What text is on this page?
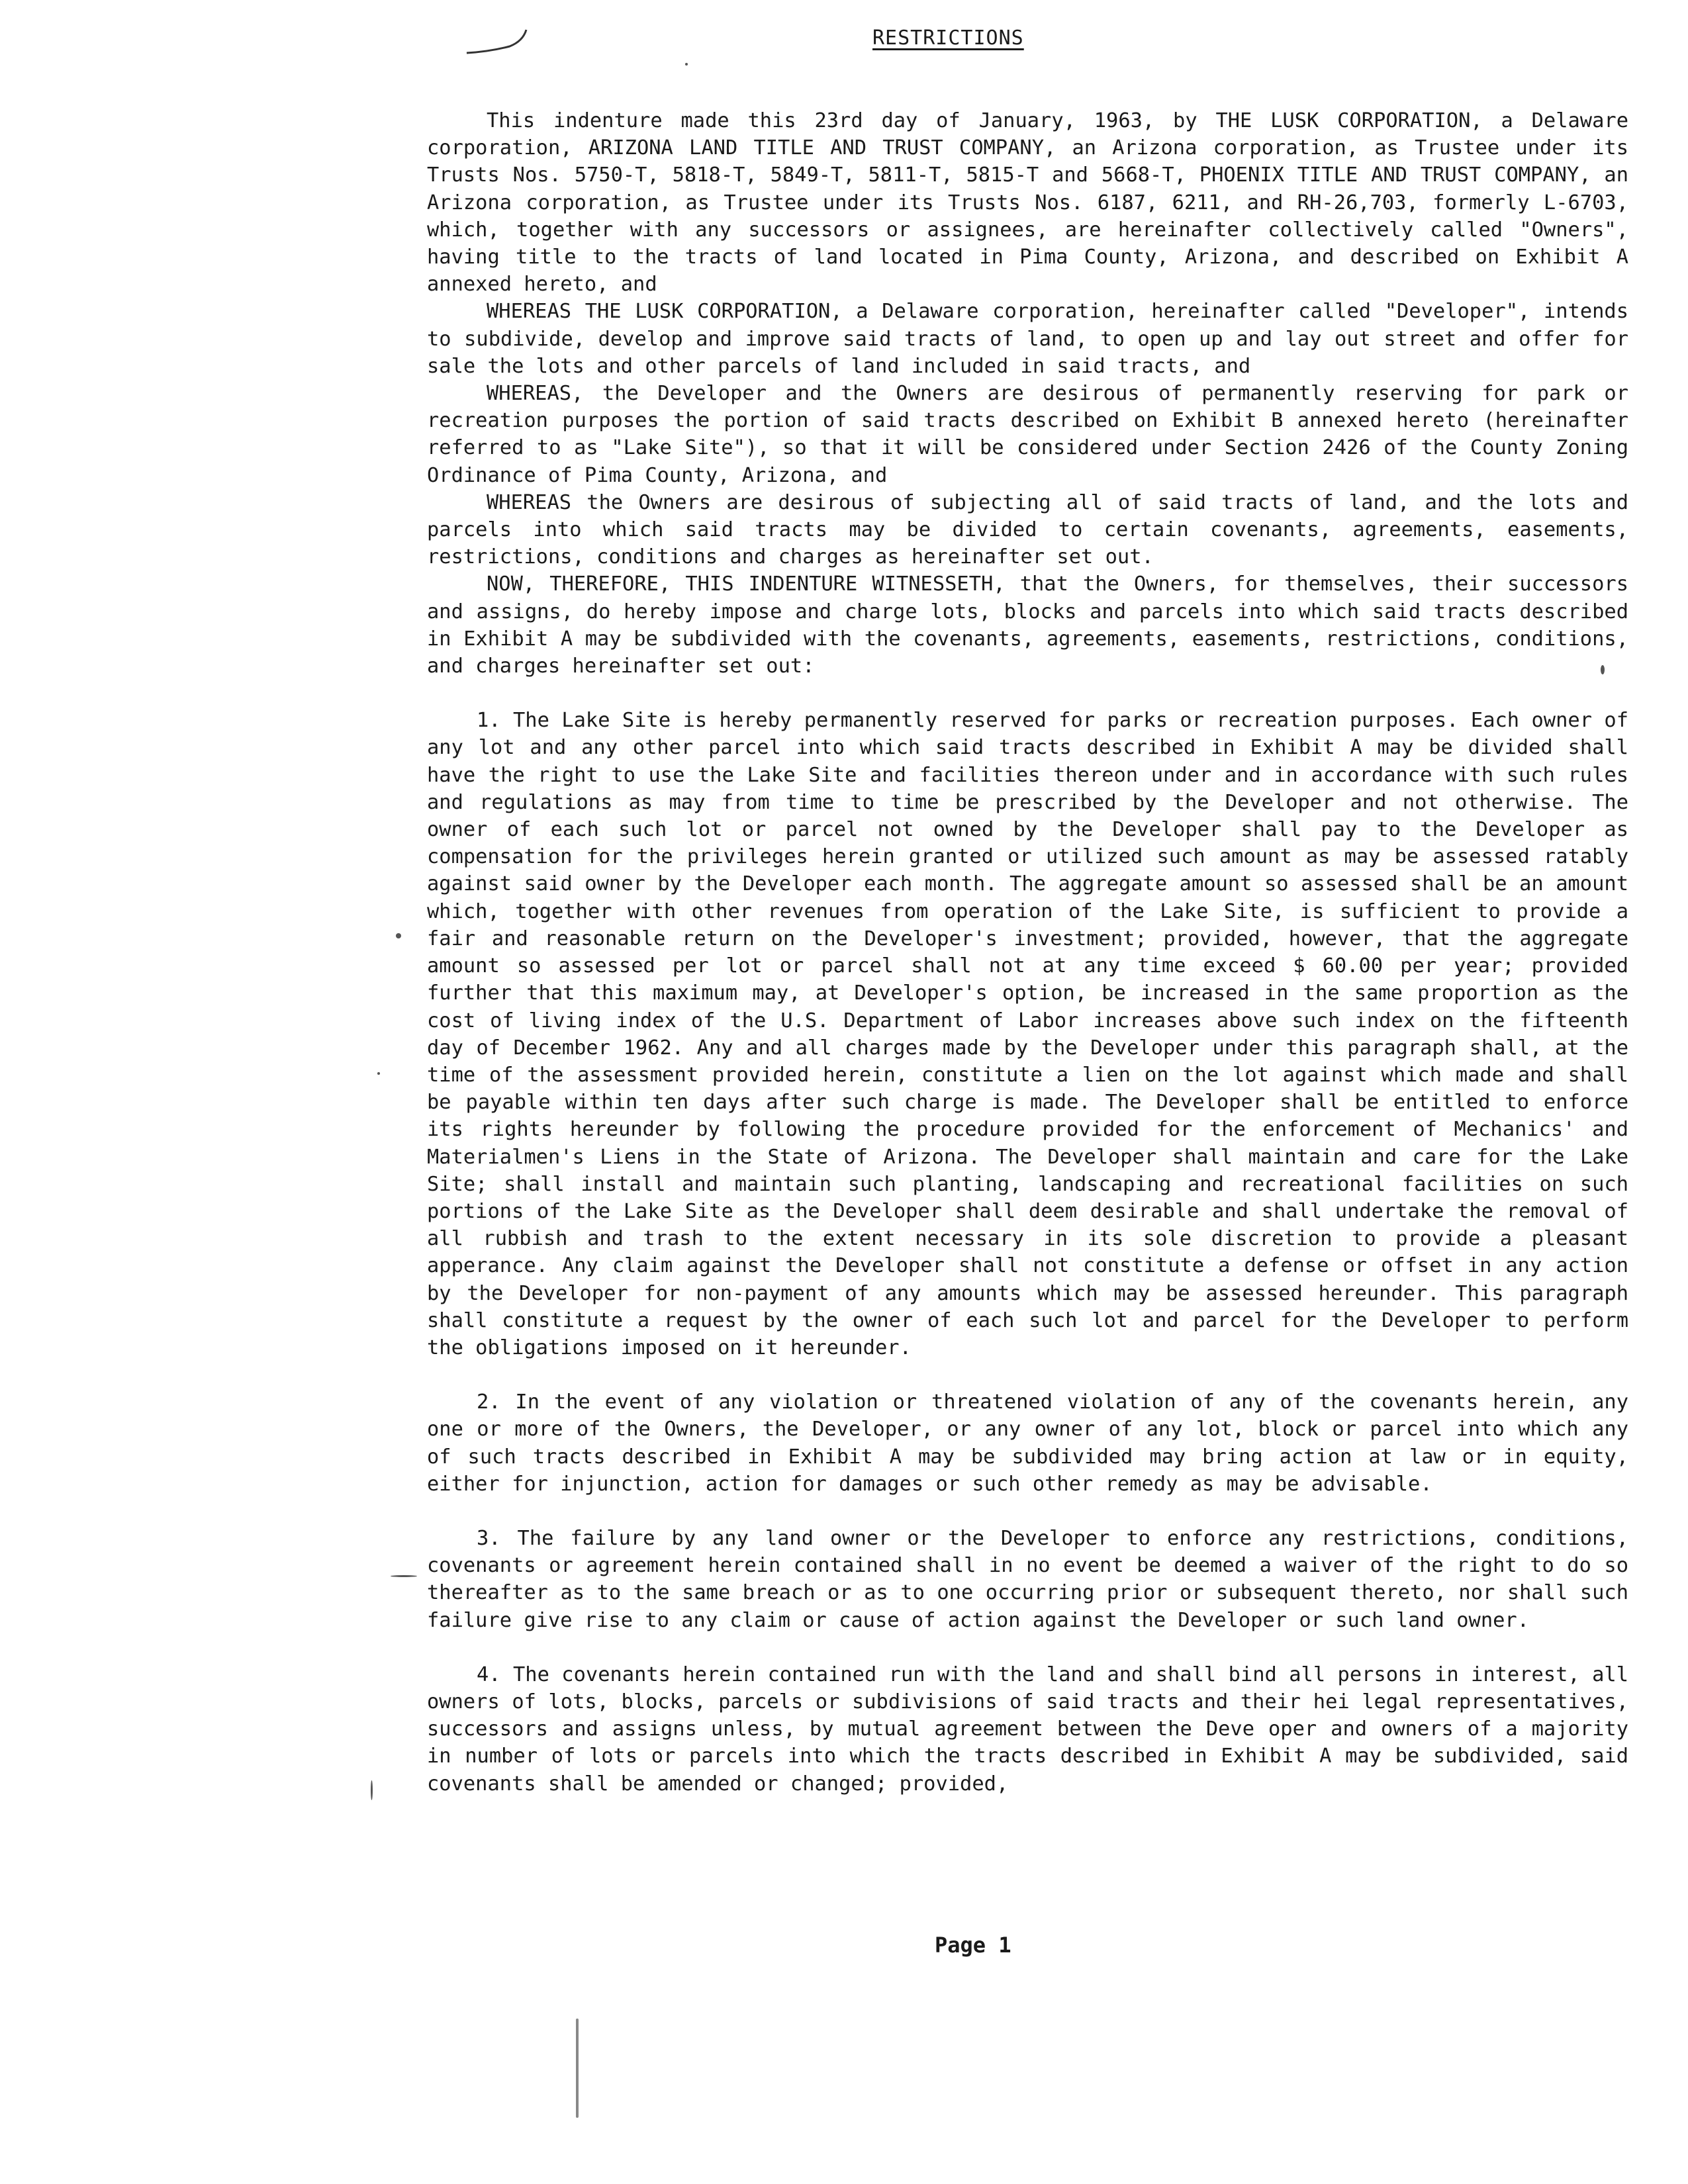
RESTRICTIONS

This indenture made this 23rd day of January, 1963, by THE LUSK CORPORATION, a Delaware corporation, ARIZONA LAND TITLE AND TRUST COMPANY, an Arizona corporation, as Trustee under its Trusts Nos. 5750-T, 5818-T, 5849-T, 5811-T, 5815-T and 5668-T, PHOENIX TITLE AND TRUST COMPANY, an Arizona corporation, as Trustee under its Trusts Nos. 6187, 6211, and RH-26,703, formerly L-6703, which, together with any successors or assignees, are hereinafter collectively called "Owners", having title to the tracts of land located in Pima County, Arizona, and described on Exhibit A annexed hereto, and

WHEREAS THE LUSK CORPORATION, a Delaware corporation, hereinafter called "Developer", intends to subdivide, develop and improve said tracts of land, to open up and lay out street and offer for sale the lots and other parcels of land included in said tracts, and

WHEREAS, the Developer and the Owners are desirous of permanently reserving for park or recreation purposes the portion of said tracts described on Exhibit B annexed hereto (hereinafter referred to as "Lake Site"), so that it will be considered under Section 2426 of the County Zoning Ordinance of Pima County, Arizona, and

WHEREAS the Owners are desirous of subjecting all of said tracts of land, and the lots and parcels into which said tracts may be divided to certain covenants, agreements, easements, restrictions, conditions and charges as hereinafter set out.

NOW, THEREFORE, THIS INDENTURE WITNESSETH, that the Owners, for themselves, their successors and assigns, do hereby impose and charge lots, blocks and parcels into which said tracts described in Exhibit A may be subdivided with the covenants, agreements, easements, restrictions, conditions, and charges hereinafter set out:

1. The Lake Site is hereby permanently reserved for parks or recreation purposes. Each owner of any lot and any other parcel into which said tracts described in Exhibit A may be divided shall have the right to use the Lake Site and facilities thereon under and in accordance with such rules and regulations as may from time to time be prescribed by the Developer and not otherwise. The owner of each such lot or parcel not owned by the Developer shall pay to the Developer as compensation for the privileges herein granted or utilized such amount as may be assessed ratably against said owner by the Developer each month. The aggregate amount so assessed shall be an amount which, together with other revenues from operation of the Lake Site, is sufficient to provide a fair and reasonable return on the Developer's investment; provided, however, that the aggregate amount so assessed per lot or parcel shall not at any time exceed $ 60.00 per year; provided further that this maximum may, at Developer's option, be increased in the same proportion as the cost of living index of the U.S. Department of Labor increases above such index on the fifteenth day of December 1962. Any and all charges made by the Developer under this paragraph shall, at the time of the assessment provided herein, constitute a lien on the lot against which made and shall be payable within ten days after such charge is made. The Developer shall be entitled to enforce its rights hereunder by following the procedure provided for the enforcement of Mechanics' and Materialmen's Liens in the State of Arizona. The Developer shall maintain and care for the Lake Site; shall install and maintain such planting, landscaping and recreational facilities on such portions of the Lake Site as the Developer shall deem desirable and shall undertake the removal of all rubbish and trash to the extent necessary in its sole discretion to provide a pleasant apperance. Any claim against the Developer shall not constitute a defense or offset in any action by the Developer for non-payment of any amounts which may be assessed hereunder. This paragraph shall constitute a request by the owner of each such lot and parcel for the Developer to perform the obligations imposed on it hereunder.

2. In the event of any violation or threatened violation of any of the covenants herein, any one or more of the Owners, the Developer, or any owner of any lot, block or parcel into which any of such tracts described in Exhibit A may be subdivided may bring action at law or in equity, either for injunction, action for damages or such other remedy as may be advisable.

3. The failure by any land owner or the Developer to enforce any restrictions, conditions, covenants or agreement herein contained shall in no event be deemed a waiver of the right to do so thereafter as to the same breach or as to one occurring prior or subsequent thereto, nor shall such failure give rise to any claim or cause of action against the Developer or such land owner.

4. The covenants herein contained run with the land and shall bind all persons in interest, all owners of lots, blocks, parcels or subdivisions of said tracts and their hei legal representatives, successors and assigns unless, by mutual agreement between the Deve oper and owners of a majority in number of lots or parcels into which the tracts described in Exhibit A may be subdivided, said covenants shall be amended or changed; provided,

Page 1
